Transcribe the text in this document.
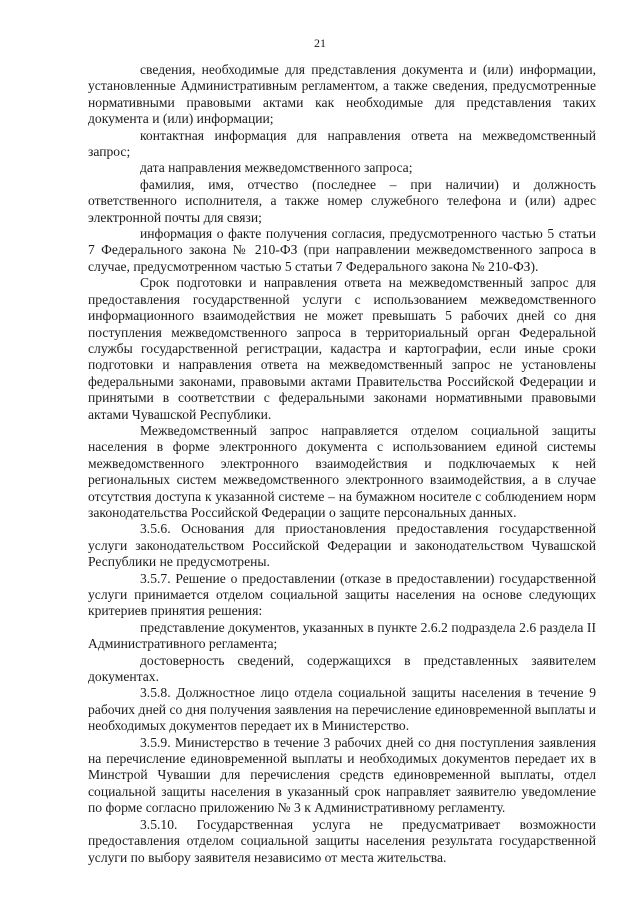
21

сведения, необходимые для представления документа и (или) информации, установленные Административным регламентом, а также сведения, предусмотренные нормативными правовыми актами как необходимые для представления таких документа и (или) информации;

контактная информация для направления ответа на межведомственный запрос;

дата направления межведомственного запроса;

фамилия, имя, отчество (последнее – при наличии) и должность ответственного исполнителя, а также номер служебного телефона и (или) адрес электронной почты для связи;

информация о факте получения согласия, предусмотренного частью 5 статьи 7 Федерального закона № 210-ФЗ (при направлении межведомственного запроса в случае, предусмотренном частью 5 статьи 7 Федерального закона № 210-ФЗ).

Срок подготовки и направления ответа на межведомственный запрос для предоставления государственной услуги с использованием межведомственного информационного взаимодействия не может превышать 5 рабочих дней со дня поступления межведомственного запроса в территориальный орган Федеральной службы государственной регистрации, кадастра и картографии, если иные сроки подготовки и направления ответа на межведомственный запрос не установлены федеральными законами, правовыми актами Правительства Российской Федерации и принятыми в соответствии с федеральными законами нормативными правовыми актами Чувашской Республики.

Межведомственный запрос направляется отделом социальной защиты населения в форме электронного документа с использованием единой системы межведомственного электронного взаимодействия и подключаемых к ней региональных систем межведомственного электронного взаимодействия, а в случае отсутствия доступа к указанной системе – на бумажном носителе с соблюдением норм законодательства Российской Федерации о защите персональных данных.

3.5.6. Основания для приостановления предоставления государственной услуги законодательством Российской Федерации и законодательством Чувашской Республики не предусмотрены.

3.5.7. Решение о предоставлении (отказе в предоставлении) государственной услуги принимается отделом социальной защиты населения на основе следующих критериев принятия решения:

представление документов, указанных в пункте 2.6.2 подраздела 2.6 раздела II Административного регламента;

достоверность сведений, содержащихся в представленных заявителем документах.

3.5.8. Должностное лицо отдела социальной защиты населения в течение 9 рабочих дней со дня получения заявления на перечисление единовременной выплаты и необходимых документов передает их в Министерство.

3.5.9. Министерство в течение 3 рабочих дней со дня поступления заявления на перечисление единовременной выплаты и необходимых документов передает их в Минстрой Чувашии для перечисления средств единовременной выплаты, отдел социальной защиты населения в указанный срок направляет заявителю уведомление по форме согласно приложению № 3 к Административному регламенту.

3.5.10. Государственная услуга не предусматривает возможности предоставления отделом социальной защиты населения результата государственной услуги по выбору заявителя независимо от места жительства.
